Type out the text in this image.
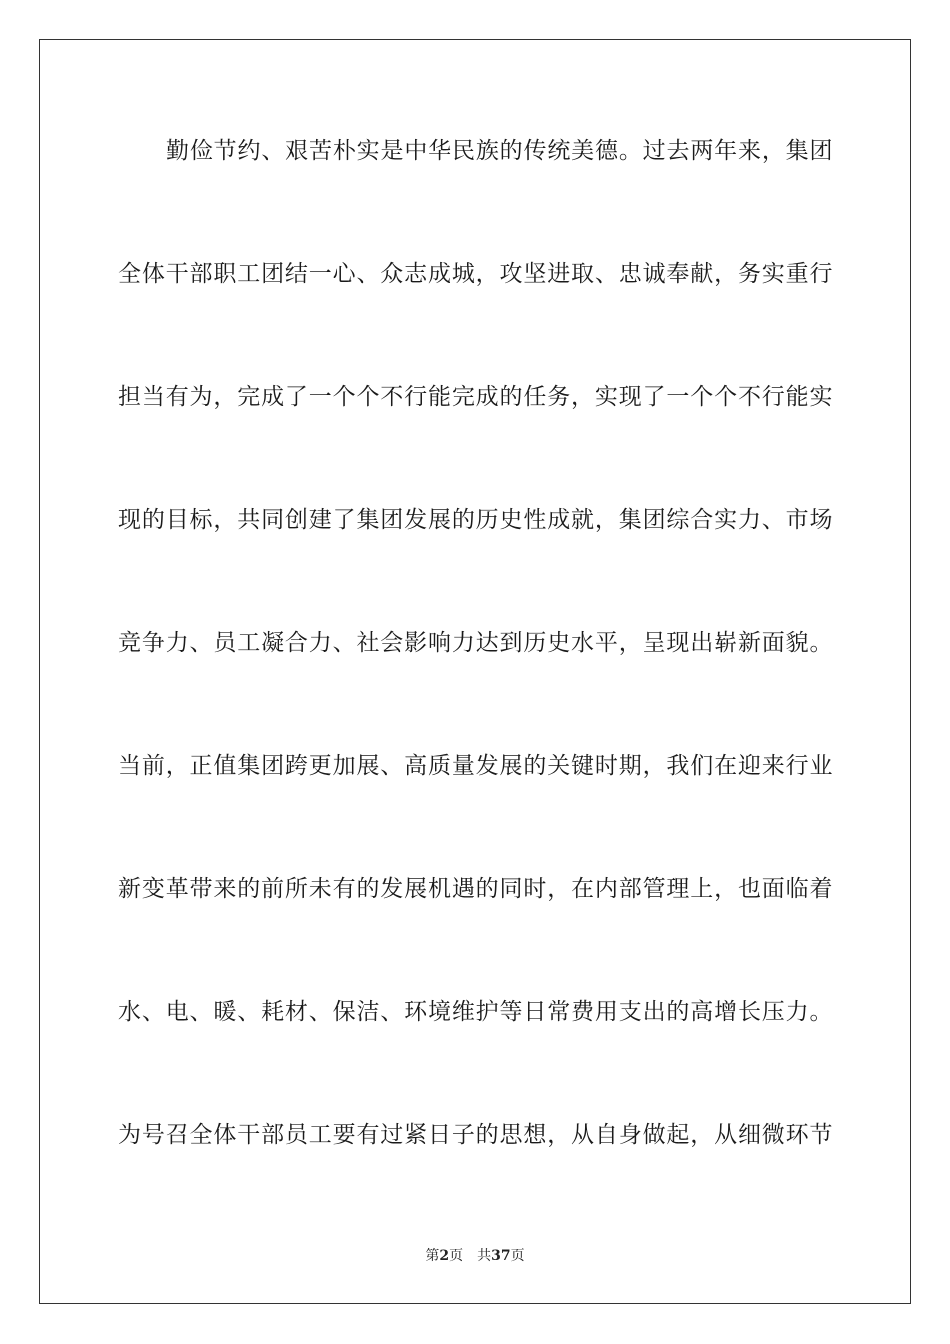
勤俭节约、艰苦朴实是中华民族的传统美德。过去两年来，集团
全体干部职工团结一心、众志成城，攻坚进取、忠诚奉献，务实重行
担当有为，完成了一个个不行能完成的任务，实现了一个个不行能实
现的目标，共同创建了集团发展的历史性成就，集团综合实力、市场
竞争力、员工凝合力、社会影响力达到历史水平，呈现出崭新面貌。
当前，正值集团跨更加展、高质量发展的关键时期，我们在迎来行业
新变革带来的前所未有的发展机遇的同时，在内部管理上，也面临着
水、电、暖、耗材、保洁、环境维护等日常费用支出的高增长压力。
为号召全体干部员工要有过紧日子的思想，从自身做起，从细微环节
第2页 共37页
